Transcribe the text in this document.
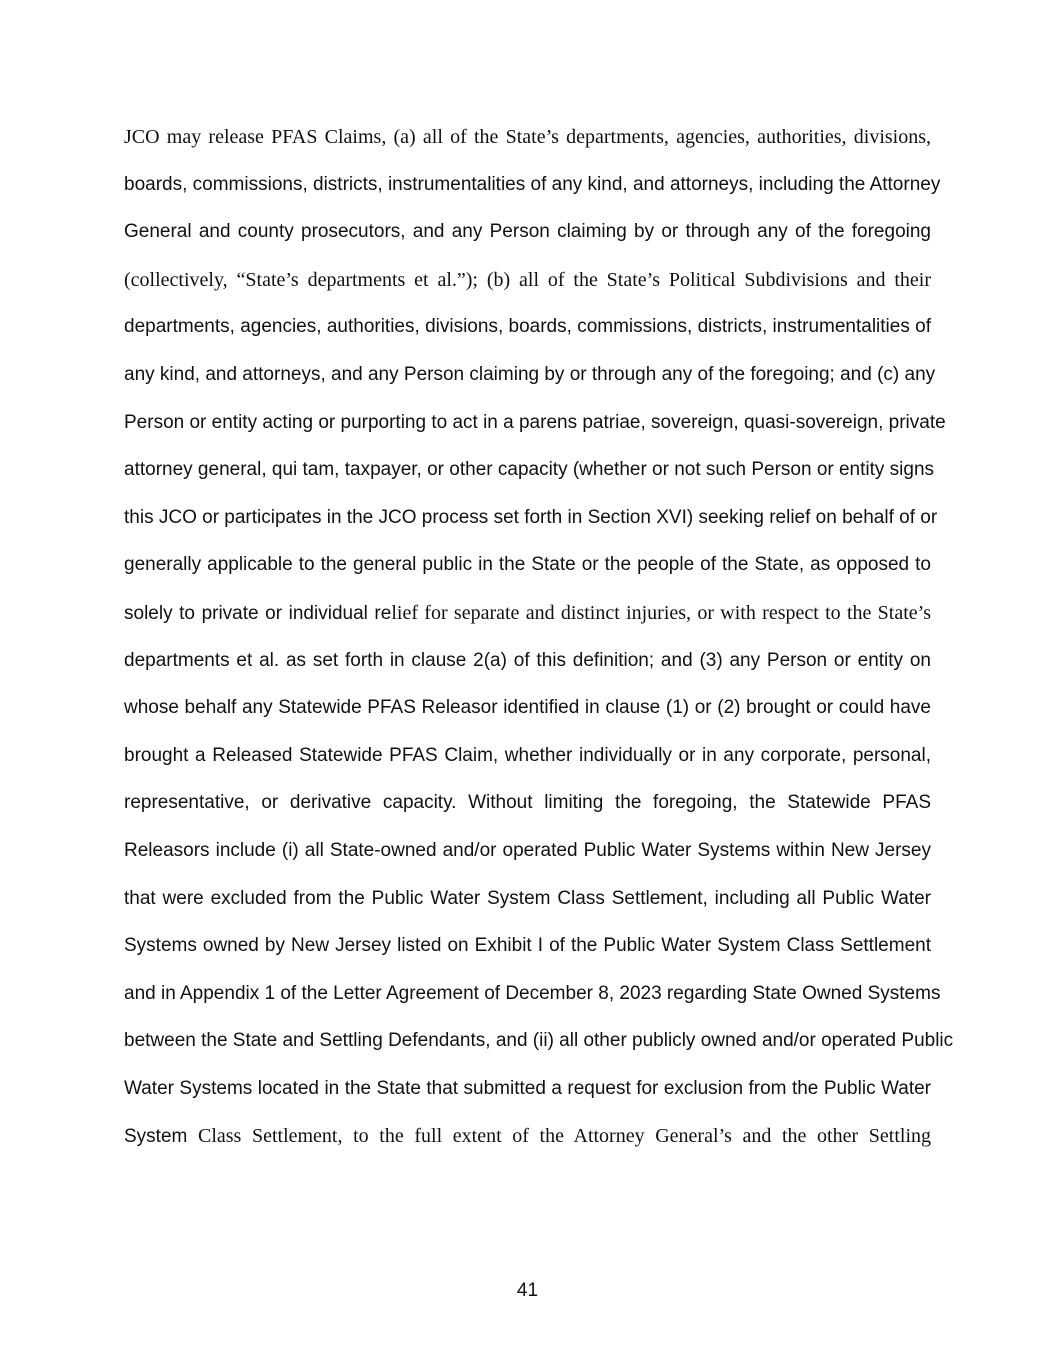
JCO may release PFAS Claims, (a) all of the State’s departments, agencies, authorities, divisions,
boards, commissions, districts, instrumentalities of any kind, and attorneys, including the Attorney
General and county prosecutors, and any Person claiming by or through any of the foregoing
(collectively, “State’s departments et al.”); (b) all of the State’s Political Subdivisions and their
departments, agencies, authorities, divisions, boards, commissions, districts, instrumentalities of
any kind, and attorneys, and any Person claiming by or through any of the foregoing; and (c) any
Person or entity acting or purporting to act in a parens patriae, sovereign, quasi-sovereign, private
attorney general, qui tam, taxpayer, or other capacity (whether or not such Person or entity signs
this JCO or participates in the JCO process set forth in Section XVI) seeking relief on behalf of or
generally applicable to the general public in the State or the people of the State, as opposed to
solely to private or individual relief for separate and distinct injuries, or with respect to the State’s
departments et al. as set forth in clause 2(a) of this definition; and (3) any Person or entity on
whose behalf any Statewide PFAS Releasor identified in clause (1) or (2) brought or could have
brought a Released Statewide PFAS Claim, whether individually or in any corporate, personal,
representative, or derivative capacity. Without limiting the foregoing, the Statewide PFAS
Releasors include (i) all State-owned and/or operated Public Water Systems within New Jersey
that were excluded from the Public Water System Class Settlement, including all Public Water
Systems owned by New Jersey listed on Exhibit I of the Public Water System Class Settlement
and in Appendix 1 of the Letter Agreement of December 8, 2023 regarding State Owned Systems
between the State and Settling Defendants, and (ii) all other publicly owned and/or operated Public
Water Systems located in the State that submitted a request for exclusion from the Public Water
System Class Settlement, to the full extent of the Attorney General’s and the other Settling
41
